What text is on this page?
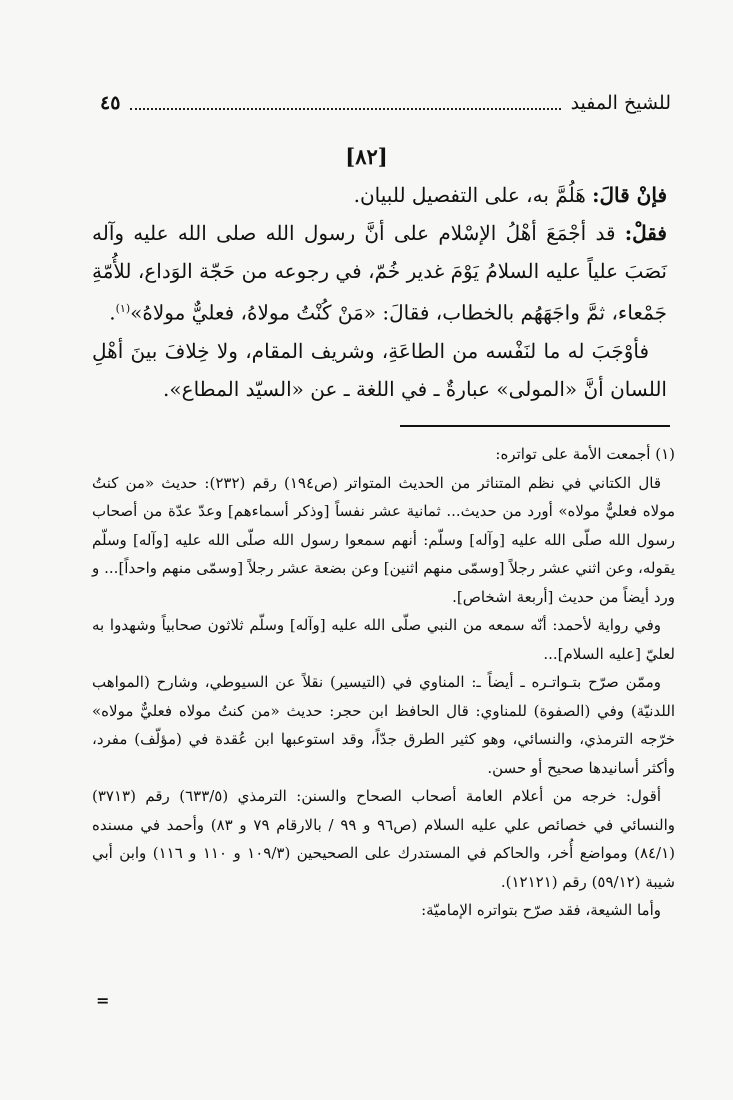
للشيخ المفيد
٤٥
[٨٢]

فإنْ قالَ: هَلُمَّ به، على التفصيل للبيان.

فقلْ: قد أجْمَعَ أهْلُ الإسْلام على أنَّ رسول الله صلى الله عليه وآله نَصَبَ علياً عليه السلامُ يَوْمَ غدير خُمّ، في رجوعه من حَجّة الوَداع، للأُمّةِ جَمْعاء، ثمَّ واجَهَهُم بالخطاب، فقالَ: «مَنْ كُنْتُ مولاهُ، فعليٌّ مولاهُ»$^{(١)}$.

فأوْجَبَ له ما لنَفْسه من الطاعَةِ، وشريف المقام، ولا خِلافَ بينَ أهْلِ اللسان أنَّ «المولى» عبارةٌ ـ في اللغة ـ عن «السيّد المطاع».

(١) أجمعت الأمة على تواتره:

قال الكتاني في نظم المتناثر من الحديث المتواتر (ص١٩٤) رقم (٢٣٢): حديث «من كنتُ مولاه فعليٌّ مولاه» أورد من حديث... ثمانية عشر نفساً [وذكر أسماءهم] وعدّ عدّة من أصحاب رسول الله صلّى الله عليه [وآله] وسلّم: أنهم سمعوا رسول الله صلّى الله عليه [وآله] وسلّم يقوله، وعن اثني عشر رجلاً [وسمّى منهم اثنين] وعن بضعة عشر رجلاً [وسمّى منهم واحداً]... و ورد أيضاً من حديث [أربعة اشخاص].

وفي رواية لأحمد: أنّه سمعه من النبي صلّى الله عليه [وآله] وسلّم ثلاثون صحابياً وشهدوا به لعليّ [عليه السلام]...

وممّن صرّح بتـواتـره ـ أيضاً ـ: المناوي في (التيسير) نقلاً عن السيوطي، وشارح (المواهب اللدنيّة) وفي (الصفوة) للمناوي: قال الحافظ ابن حجر: حديث «من كنتُ مولاه فعليٌّ مولاه» خرّجه الترمذي، والنسائي، وهو كثير الطرق جدّاً، وقد استوعبها ابن عُقدة في (مؤلّف) مفرد، وأكثر أسانيدها صحيح أو حسن.

أقول: خرجه من أعلام العامة أصحاب الصحاح والسنن: الترمذي (٦٣٣/٥) رقم (٣٧١٣) والنسائي في خصائص علي عليه السلام (ص٩٦ و ٩٩ / بالارقام ٧٩ و ٨٣) وأحمد في مسنده (٨٤/١) ومواضع أُخر، والحاكم في المستدرك على الصحيحين (١٠٩/٣ و ١١٠ و ١١٦) وابن أبي شيبة (٥٩/١٢) رقم (١٢١٢١).

وأما الشيعة، فقد صرّح بتواتره الإماميّة:

=
